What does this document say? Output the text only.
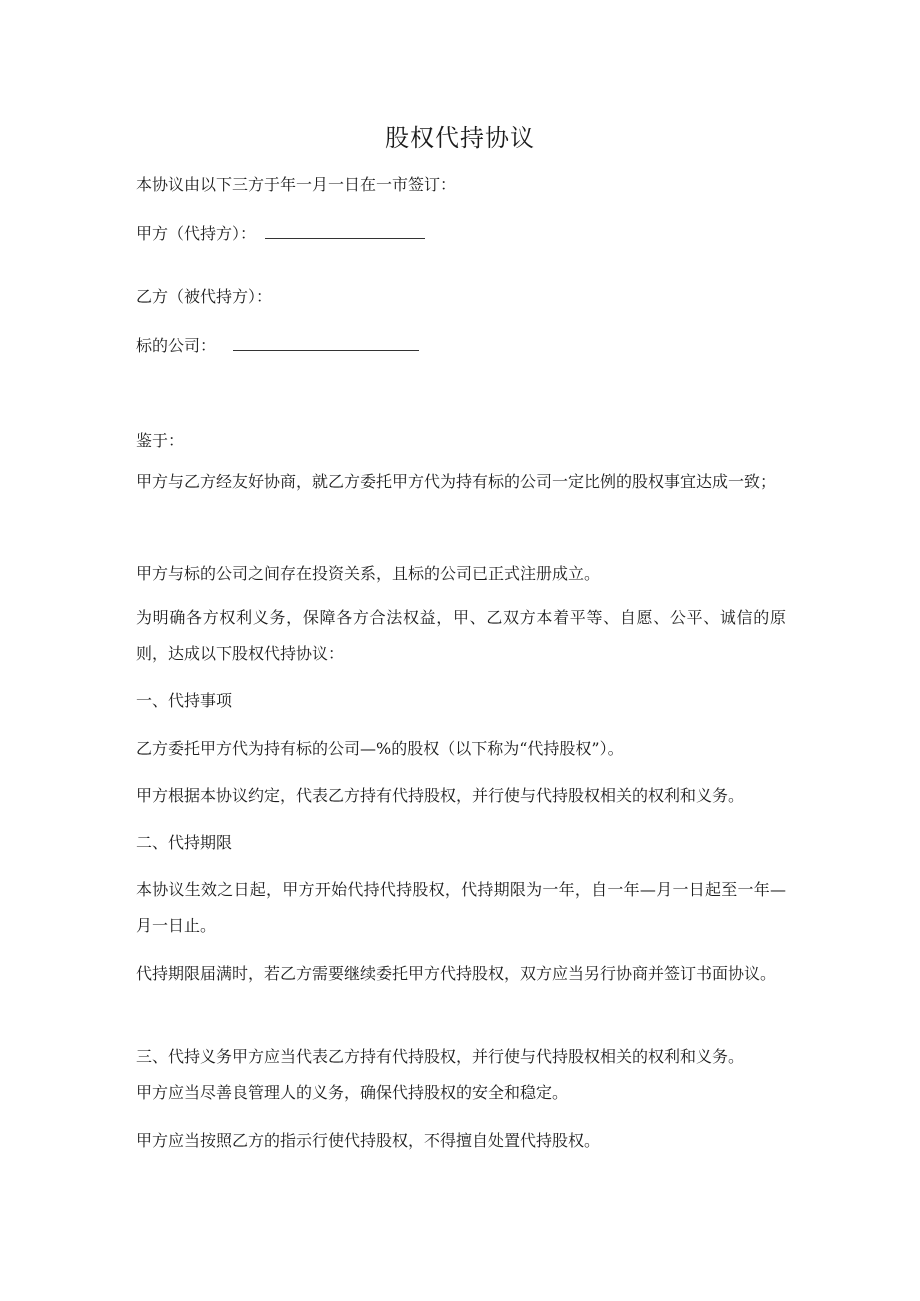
股权代持协议
本协议由以下三方于年一月一日在一市签订：
甲方（代持方）：
乙方（被代持方）：
标的公司：
鉴于：
甲方与乙方经友好协商，就乙方委托甲方代为持有标的公司一定比例的股权事宜达成一致；
甲方与标的公司之间存在投资关系，且标的公司已正式注册成立。
为明确各方权利义务，保障各方合法权益，甲、乙双方本着平等、自愿、公平、诚信的原则，达成以下股权代持协议：
一、代持事项
乙方委托甲方代为持有标的公司—%的股权（以下称为“代持股权”）。
甲方根据本协议约定，代表乙方持有代持股权，并行使与代持股权相关的权利和义务。
二、代持期限
本协议生效之日起，甲方开始代持代持股权，代持期限为一年，自一年—月一日起至一年—月一日止。
代持期限届满时，若乙方需要继续委托甲方代持股权，双方应当另行协商并签订书面协议。
三、代持义务甲方应当代表乙方持有代持股权，并行使与代持股权相关的权利和义务。
甲方应当尽善良管理人的义务，确保代持股权的安全和稳定。
甲方应当按照乙方的指示行使代持股权，不得擅自处置代持股权。
